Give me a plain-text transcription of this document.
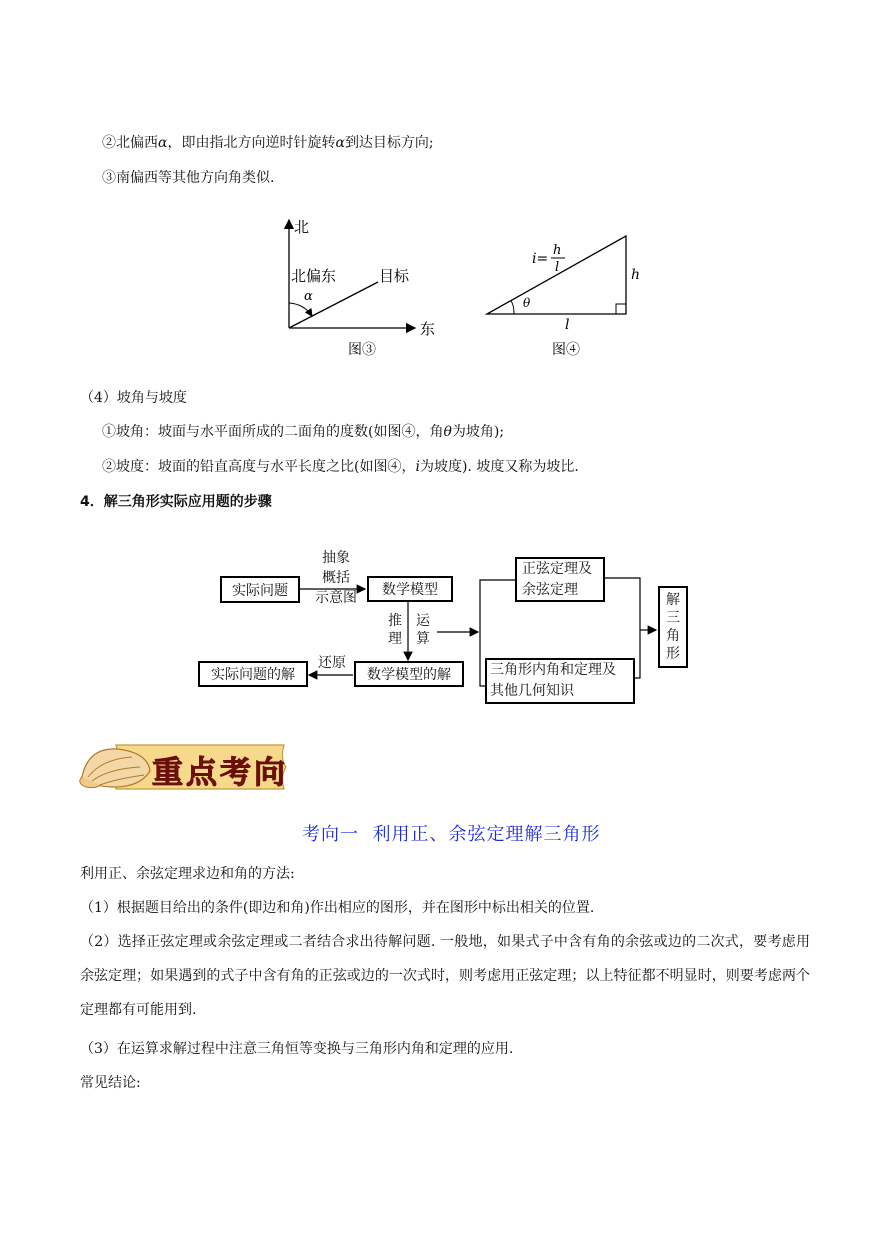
②北偏西α，即由指北方向逆时针旋转α到达目标方向;
③南偏西等其他方向角类似.
北
东
北偏东
α
目标
图③
θ
i=
h
l	h
l
图④
（4）坡角与坡度
①坡角：坡面与水平面所成的二面角的度数(如图④，角θ为坡角);
②坡度：坡面的铅直高度与水平长度之比(如图④，i为坡度). 坡度又称为坡比.
4．解三角形实际应用题的步骤
实际问题
抽象
概括
示意图	数学模型
推
理
运
算
正弦定理及
余弦定理
三角形内角和定理及
其他几何知识
解
三
角
形
数学模型的解
还原
实际问题的解
重点考向
考向一  利用正、余弦定理解三角形
利用正、余弦定理求边和角的方法:
（1）根据题目给出的条件(即边和角)作出相应的图形，并在图形中标出相关的位置.
（2）选择正弦定理或余弦定理或二者结合求出待解问题. 一般地，如果式子中含有角的余弦或边的二次式，要考虑用余弦定理；如果遇到的式子中含有角的正弦或边的一次式时，则考虑用正弦定理；以上特征都不明显时，则要考虑两个定理都有可能用到.
（3）在运算求解过程中注意三角恒等变换与三角形内角和定理的应用.
常见结论:
